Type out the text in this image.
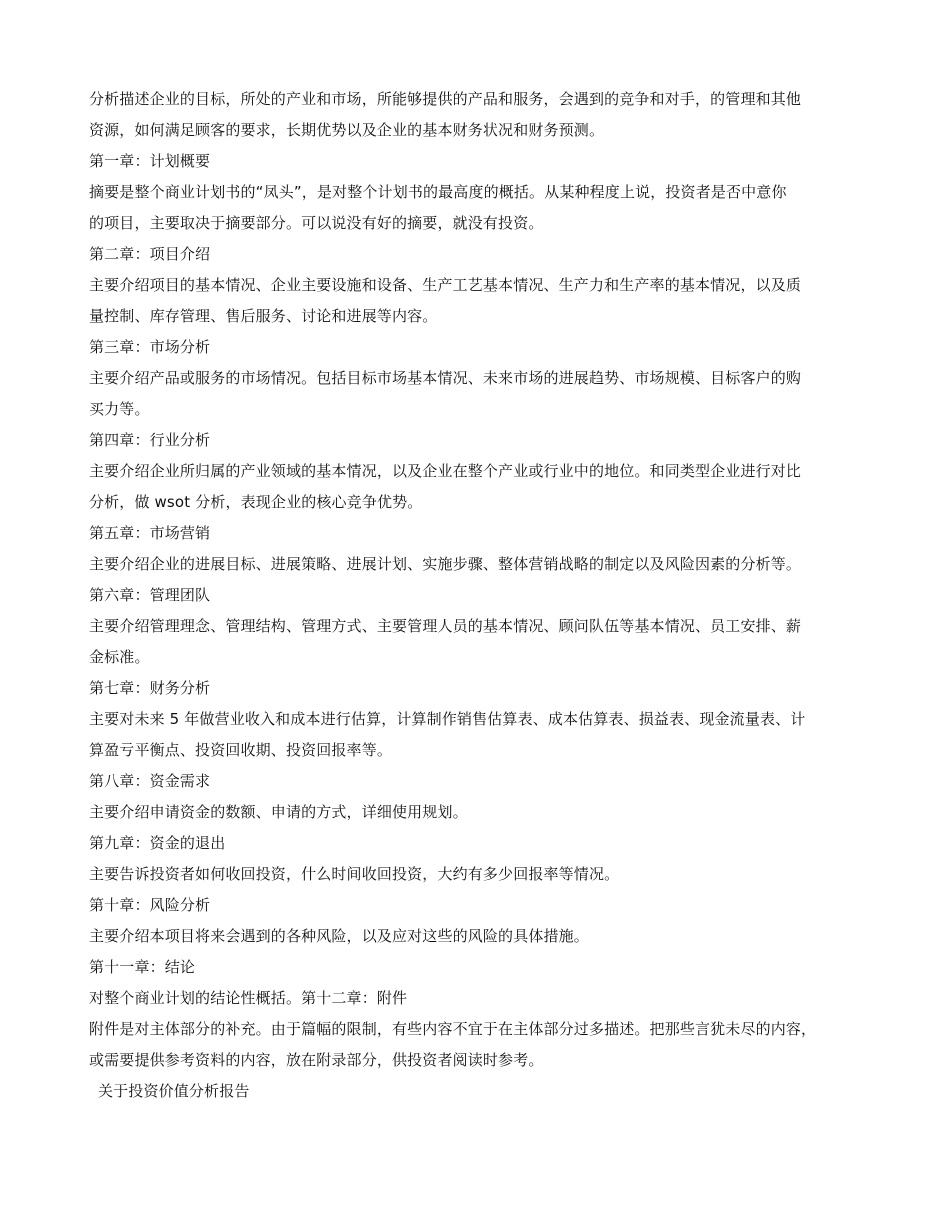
分析描述企业的目标，所处的产业和市场，所能够提供的产品和服务，会遇到的竞争和对手，的管理和其他
资源，如何满足顾客的要求，长期优势以及企业的基本财务状况和财务预测。
第一章：计划概要
摘要是整个商业计划书的“凤头”，是对整个计划书的最高度的概括。从某种程度上说，投资者是否中意你
的项目，主要取决于摘要部分。可以说没有好的摘要，就没有投资。
第二章：项目介绍
主要介绍项目的基本情况、企业主要设施和设备、生产工艺基本情况、生产力和生产率的基本情况，以及质
量控制、库存管理、售后服务、讨论和进展等内容。
第三章：市场分析
主要介绍产品或服务的市场情况。包括目标市场基本情况、未来市场的进展趋势、市场规模、目标客户的购
买力等。
第四章：行业分析
主要介绍企业所归属的产业领域的基本情况，以及企业在整个产业或行业中的地位。和同类型企业进行对比
分析，做 wsot 分析，表现企业的核心竞争优势。
第五章：市场营销
主要介绍企业的进展目标、进展策略、进展计划、实施步骤、整体营销战略的制定以及风险因素的分析等。
第六章：管理团队
主要介绍管理理念、管理结构、管理方式、主要管理人员的基本情况、顾问队伍等基本情况、员工安排、薪
金标准。
第七章：财务分析
主要对未来 5 年做营业收入和成本进行估算，计算制作销售估算表、成本估算表、损益表、现金流量表、计
算盈亏平衡点、投资回收期、投资回报率等。
第八章：资金需求
主要介绍申请资金的数额、申请的方式，详细使用规划。
第九章：资金的退出
主要告诉投资者如何收回投资，什么时间收回投资，大约有多少回报率等情况。
第十章：风险分析
主要介绍本项目将来会遇到的各种风险，以及应对这些的风险的具体措施。
第十一章：结论
对整个商业计划的结论性概括。第十二章：附件
附件是对主体部分的补充。由于篇幅的限制，有些内容不宜于在主体部分过多描述。把那些言犹未尽的内容，
或需要提供参考资料的内容，放在附录部分，供投资者阅读时参考。
关于投资价值分析报告
